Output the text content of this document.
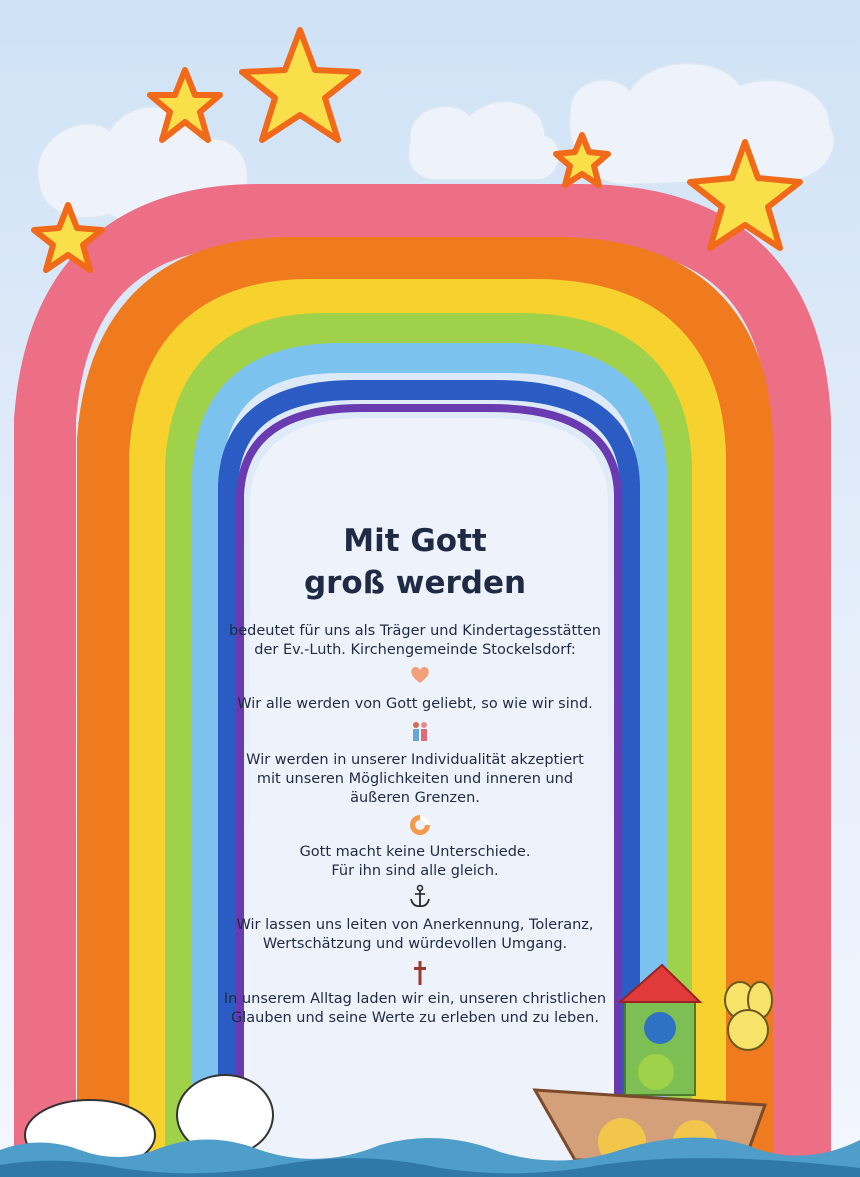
Mit Gott
groß werden
bedeutet für uns als Träger und Kindertagesstätten
der Ev.-Luth. Kirchengemeinde Stockelsdorf:
Wir alle werden von Gott geliebt, so wie wir sind.
Wir werden in unserer Individualität akzeptiert
mit unseren Möglichkeiten und inneren und
äußeren Grenzen.
Gott macht keine Unterschiede.
Für ihn sind alle gleich.
Wir lassen uns leiten von Anerkennung, Toleranz,
Wertschätzung und würdevollen Umgang.
In unserem Alltag laden wir ein, unseren christlichen
Glauben und seine Werte zu erleben und zu leben.
